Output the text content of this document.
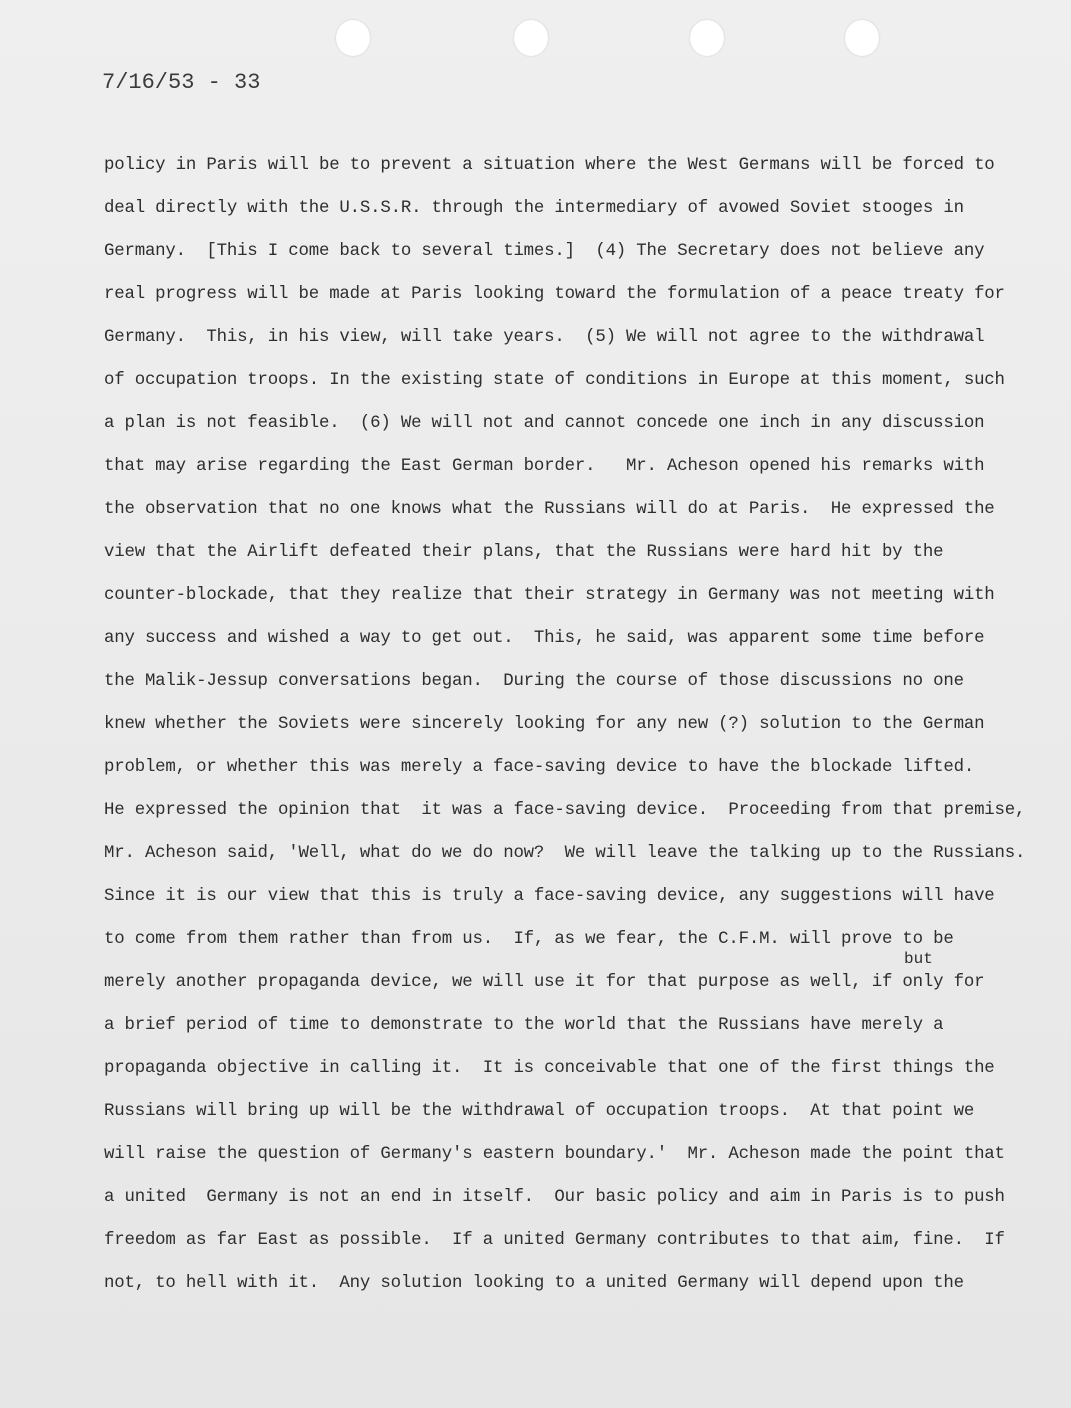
7/16/53 - 33
policy in Paris will be to prevent a situation where the West Germans will be forced to
deal directly with the U.S.S.R. through the intermediary of avowed Soviet stooges in
Germany.  [This I come back to several times.]  (4) The Secretary does not believe any
real progress will be made at Paris looking toward the formulation of a peace treaty for
Germany.  This, in his view, will take years.  (5) We will not agree to the withdrawal
of occupation troops. In the existing state of conditions in Europe at this moment, such
a plan is not feasible.  (6) We will not and cannot concede one inch in any discussion
that may arise regarding the East German border.   Mr. Acheson opened his remarks with
the observation that no one knows what the Russians will do at Paris.  He expressed the
view that the Airlift defeated their plans, that the Russians were hard hit by the
counter-blockade, that they realize that their strategy in Germany was not meeting with
any success and wished a way to get out.  This, he said, was apparent some time before
the Malik-Jessup conversations began.  During the course of those discussions no one
knew whether the Soviets were sincerely looking for any new (?) solution to the German
problem, or whether this was merely a face-saving device to have the blockade lifted.
He expressed the opinion that  it was a face-saving device.  Proceeding from that premise,
Mr. Acheson said, 'Well, what do we do now?  We will leave the talking up to the Russians.
Since it is our view that this is truly a face-saving device, any suggestions will have
to come from them rather than from us.  If, as we fear, the C.F.M. will prove to be
but
merely another propaganda device, we will use it for that purpose as well, if only for
a brief period of time to demonstrate to the world that the Russians have merely a
propaganda objective in calling it.  It is conceivable that one of the first things the
Russians will bring up will be the withdrawal of occupation troops.  At that point we
will raise the question of Germany's eastern boundary.'  Mr. Acheson made the point that
a united  Germany is not an end in itself.  Our basic policy and aim in Paris is to push
freedom as far East as possible.  If a united Germany contributes to that aim, fine.  If
not, to hell with it.  Any solution looking to a united Germany will depend upon the
